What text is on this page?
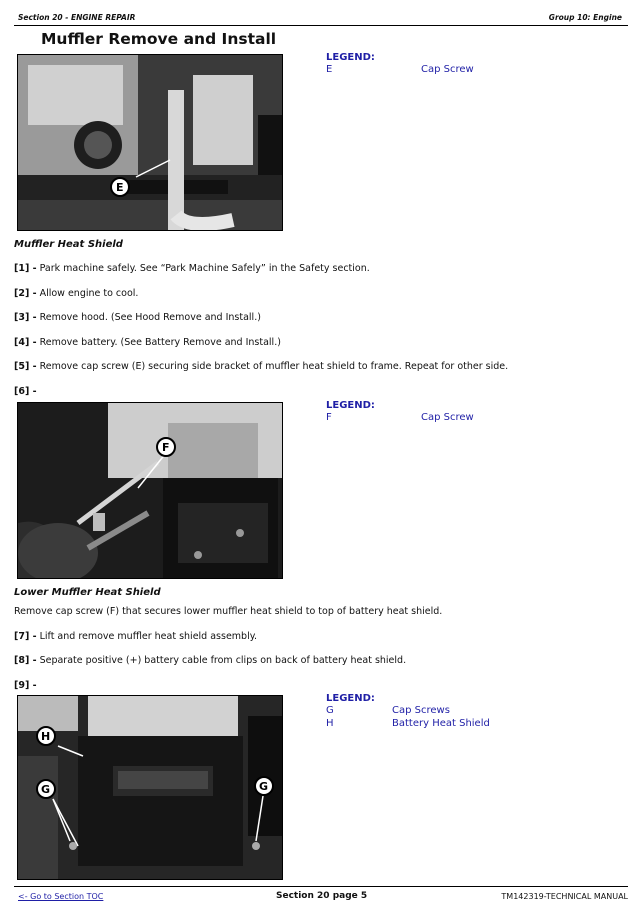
Section 20 - ENGINE REPAIR	Group 10: Engine
Muffler Remove and Install
E
LEGEND:
E	Cap Screw
Muffler Heat Shield
[1] - Park machine safely. See “Park Machine Safely” in the Safety section.
[2] - Allow engine to cool.
[3] - Remove hood. (See Hood Remove and Install.)
[4] - Remove battery. (See Battery Remove and Install.)
[5] - Remove cap screw (E) securing side bracket of muffler heat shield to frame. Repeat for other side.
[6] -
F
LEGEND:
F	Cap Screw
Lower Muffler Heat Shield
Remove cap screw (F) that secures lower muffler heat shield to top of battery heat shield.
[7] - Lift and remove muffler heat shield assembly.
[8] - Separate positive (+) battery cable from clips on back of battery heat shield.
[9] -
H
G	G
LEGEND:
G	Cap Screws
H	Battery Heat Shield
<- Go to Section TOC	Section 20 page 5	TM142319-TECHNICAL MANUAL
